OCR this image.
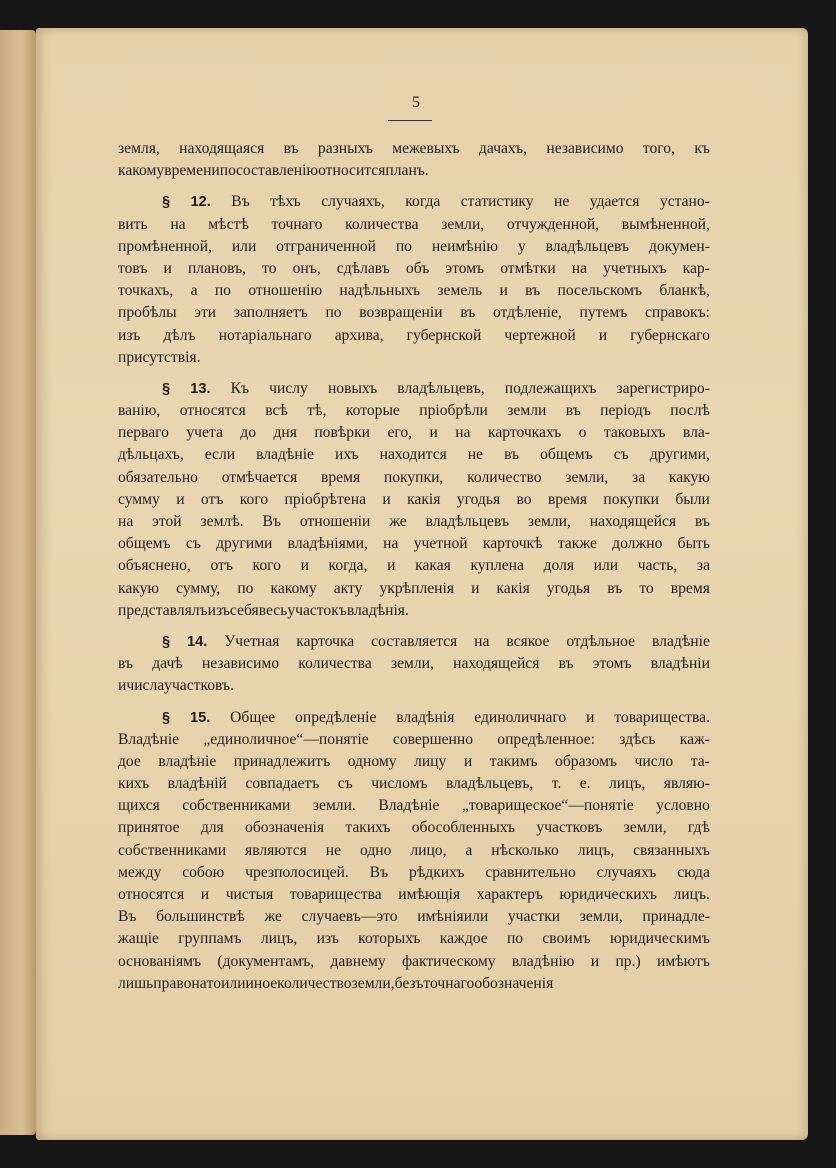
5
земля, находящаяся въ разныхъ межевыхъ дачахъ, независимо того, къ
какому времени по составленію относится планъ.
§ 12. Въ тѣхъ случаяхъ, когда статистику не удается устано-
вить на мѣстѣ точнаго количества земли, отчужденной, вымѣненной,
промѣненной, или отграниченной по неимѣнію у владѣльцевъ докумен-
товъ и плановъ, то онъ, сдѣлавъ объ этомъ отмѣтки на учетныхъ кар-
точкахъ, а по отношенію надѣльныхъ земель и въ посельскомъ бланкѣ,
пробѣлы эти заполняетъ по возвращеніи въ отдѣленіе, путемъ справокъ:
изъ дѣлъ нотаріальнаго архива, губернской чертежной и губернскаго
присутствія.
§ 13. Къ числу новыхъ владѣльцевъ, подлежащихъ зарегистриро-
ванію, относятся всѣ тѣ, которые пріобрѣли земли въ періодъ послѣ
перваго учета до дня повѣрки его, и на карточкахъ о таковыхъ вла-
дѣльцахъ, если владѣніе ихъ находится не въ общемъ съ другими,
обязательно отмѣчается время покупки, количество земли, за какую
сумму и отъ кого пріобрѣтена и какія угодья во время покупки были
на этой землѣ. Въ отношеніи же владѣльцевъ земли, находящейся въ
общемъ съ другими владѣніями, на учетной карточкѣ также должно быть
объяснено, отъ кого и когда, и какая куплена доля или часть, за
какую сумму, по какому акту укрѣпленія и какія угодья въ то время
представлялъ изъ себя весь участокъ владѣнія.
§ 14. Учетная карточка составляется на всякое отдѣльное владѣніе
въ дачѣ независимо количества земли, находящейся въ этомъ владѣніи
и числа участковъ.
§ 15. Общее опредѣленіе владѣнія единоличнаго и товарищества.
Владѣніе „единоличное“—понятіе совершенно опредѣленное: здѣсь каж-
дое владѣніе принадлежитъ одному лицу и такимъ образомъ число та-
кихъ владѣній совпадаетъ съ числомъ владѣльцевъ, т. е. лицъ, являю-
щихся собственниками земли. Владѣніе „товарищеское“—понятіе условно
принятое для обозначенія такихъ обособленныхъ участковъ земли, гдѣ
собственниками являются не одно лицо, а нѣсколько лицъ, связанныхъ
между собою чрезполосицей. Въ рѣдкихъ сравнительно случаяхъ сюда
относятся и чистыя товарищества имѣющія характеръ юридическихъ лицъ.
Въ большинствѣ же случаевъ—это имѣніяили участки земли, принадле-
жащіе группамъ лицъ, изъ которыхъ каждое по своимъ юридическимъ
основаніямъ (документамъ, давнему фактическому владѣнію и пр.) имѣютъ
лишь право на то или иное количество земли, безъ точнаго обозначенія
